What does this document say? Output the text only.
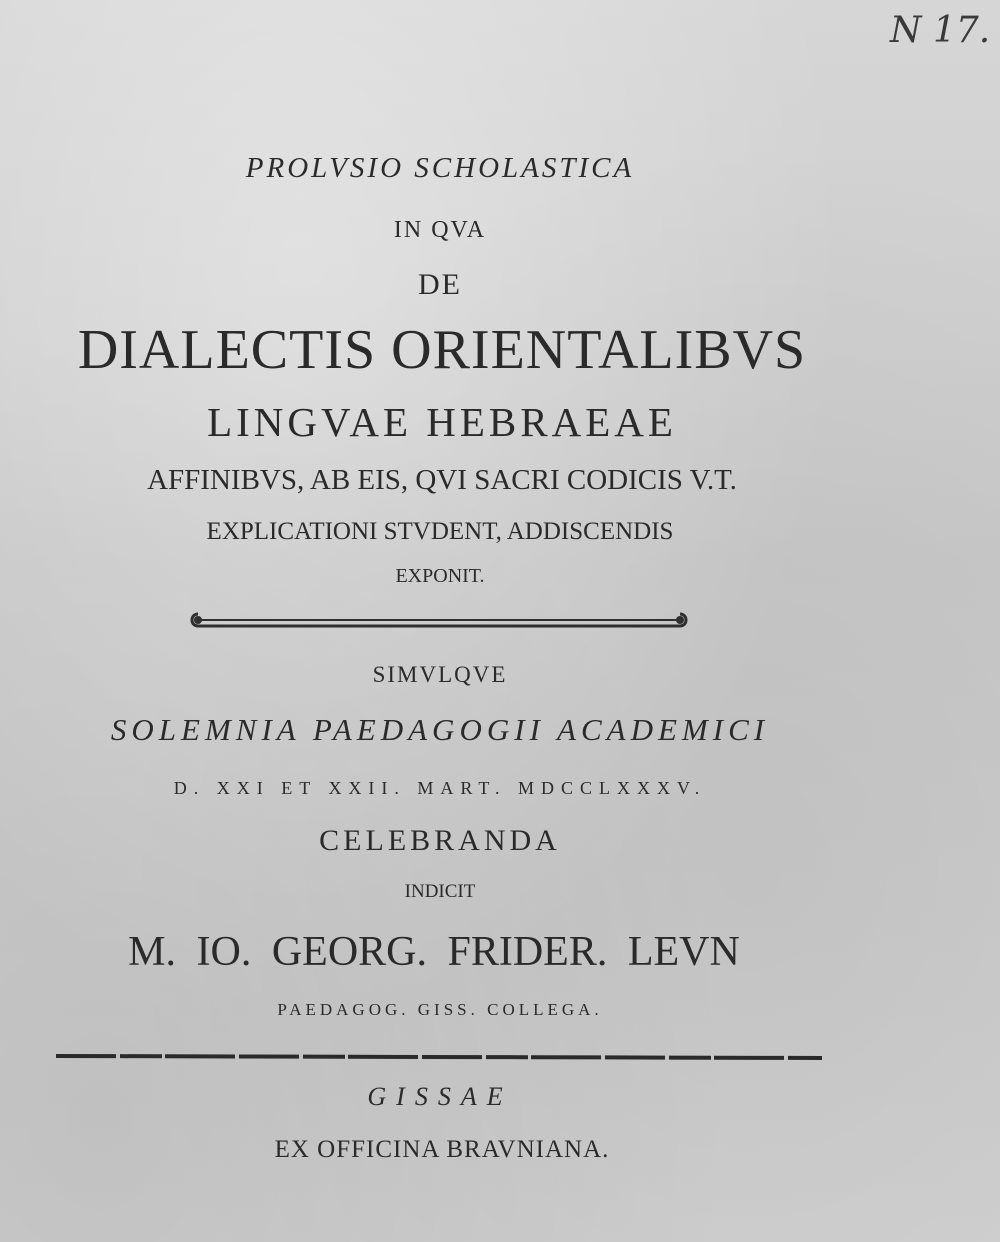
N 17.
PROLVSIO SCHOLASTICA
IN QVA
DE
DIALECTIS ORIENTALIBVS
LINGVAE HEBRAEAE
AFFINIBVS, AB EIS, QVI SACRI CODICIS V.T.
EXPLICATIONI STVDENT, ADDISCENDIS
EXPONIT.
SIMVLQVE
SOLEMNIA PAEDAGOGII ACADEMICI
D. XXI ET XXII. MART. MDCCLXXXV.
CELEBRANDA
INDICIT
M. IO. GEORG. FRIDER. LEVN
PAEDAGOG. GISS. COLLEGA.
GISSAE
EX OFFICINA BRAVNIANA.
